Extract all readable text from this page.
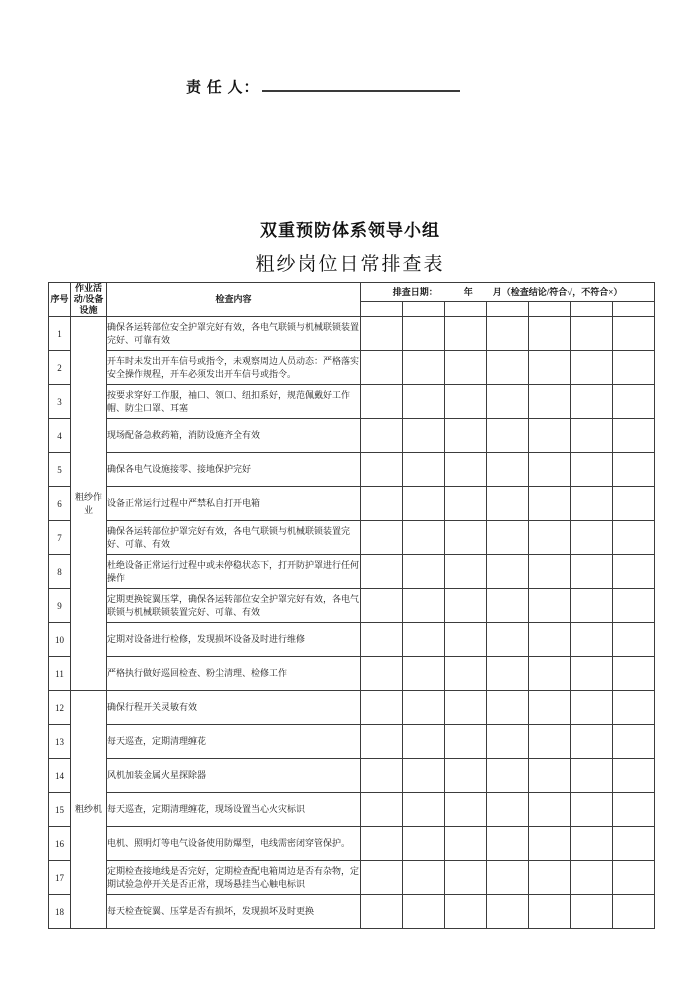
责 任 人：
双重预防体系领导小组
粗纱岗位日常排查表
序号	作业活动/设备设施	检查内容	排查日期： 年 月（检查结论/符合√，不符合×）						

1	粗纱作业	确保各运转部位安全护罩完好有效，各电气联锁与机械联锁装置完好、可靠有效							
2		开车时未发出开车信号或指令，未观察周边人员动态：严格落实安全操作规程，开车必须发出开车信号或指令。							
3		按要求穿好工作服，袖口、领口、纽扣系好，规范佩戴好工作帽、防尘口罩、耳塞							
4		现场配备急救药箱，消防设施齐全有效							
5		确保各电气设施接零、接地保护完好							
6		设备正常运行过程中严禁私自打开电箱							
7		确保各运转部位护罩完好有效，各电气联锁与机械联锁装置完好、可靠、有效							
8		杜绝设备正常运行过程中或未停稳状态下，打开防护罩进行任何操作							
9		定期更换锭翼压掌，确保各运转部位安全护罩完好有效，各电气联锁与机械联锁装置完好、可靠、有效							
10		定期对设备进行检修，发现损坏设备及时进行维修							
11		严格执行做好巡回检查、粉尘清理、检修工作							
12	粗纱机	确保行程开关灵敏有效							
13		每天巡查，定期清理缠花							
14		风机加装金属火星探除器							
15		每天巡查，定期清理缠花，现场设置当心火灾标识							
16		电机、照明灯等电气设备使用防爆型，电线需密闭穿管保护。							
17		定期检查接地线是否完好，定期检查配电箱周边是否有杂物，定期试验急停开关是否正常，现场悬挂当心触电标识							
18		每天检查锭翼、压掌是否有损坏，发现损坏及时更换							
